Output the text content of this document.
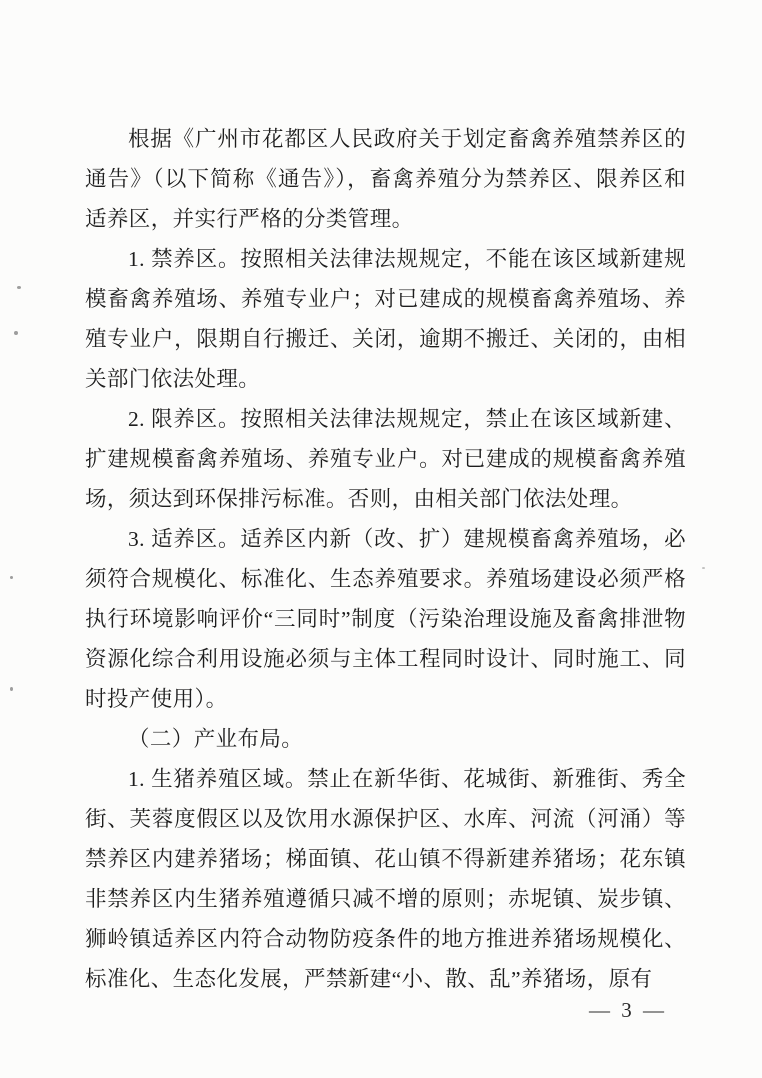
根据《广州市花都区人民政府关于划定畜禽养殖禁养区的通告》（以下简称《通告》），畜禽养殖分为禁养区、限养区和适养区，并实行严格的分类管理。

1. 禁养区。按照相关法律法规规定，不能在该区域新建规模畜禽养殖场、养殖专业户；对已建成的规模畜禽养殖场、养殖专业户，限期自行搬迁、关闭，逾期不搬迁、关闭的，由相关部门依法处理。

2. 限养区。按照相关法律法规规定，禁止在该区域新建、扩建规模畜禽养殖场、养殖专业户。对已建成的规模畜禽养殖场，须达到环保排污标准。否则，由相关部门依法处理。

3. 适养区。适养区内新（改、扩）建规模畜禽养殖场，必须符合规模化、标准化、生态养殖要求。养殖场建设必须严格执行环境影响评价“三同时”制度（污染治理设施及畜禽排泄物资源化综合利用设施必须与主体工程同时设计、同时施工、同时投产使用）。

（二）产业布局。

1. 生猪养殖区域。禁止在新华街、花城街、新雅街、秀全街、芙蓉度假区以及饮用水源保护区、水库、河流（河涌）等禁养区内建养猪场；梯面镇、花山镇不得新建养猪场；花东镇非禁养区内生猪养殖遵循只减不增的原则；赤坭镇、炭步镇、狮岭镇适养区内符合动物防疫条件的地方推进养猪场规模化、标准化、生态化发展，严禁新建“小、散、乱”养猪场，原有

— 3 —
